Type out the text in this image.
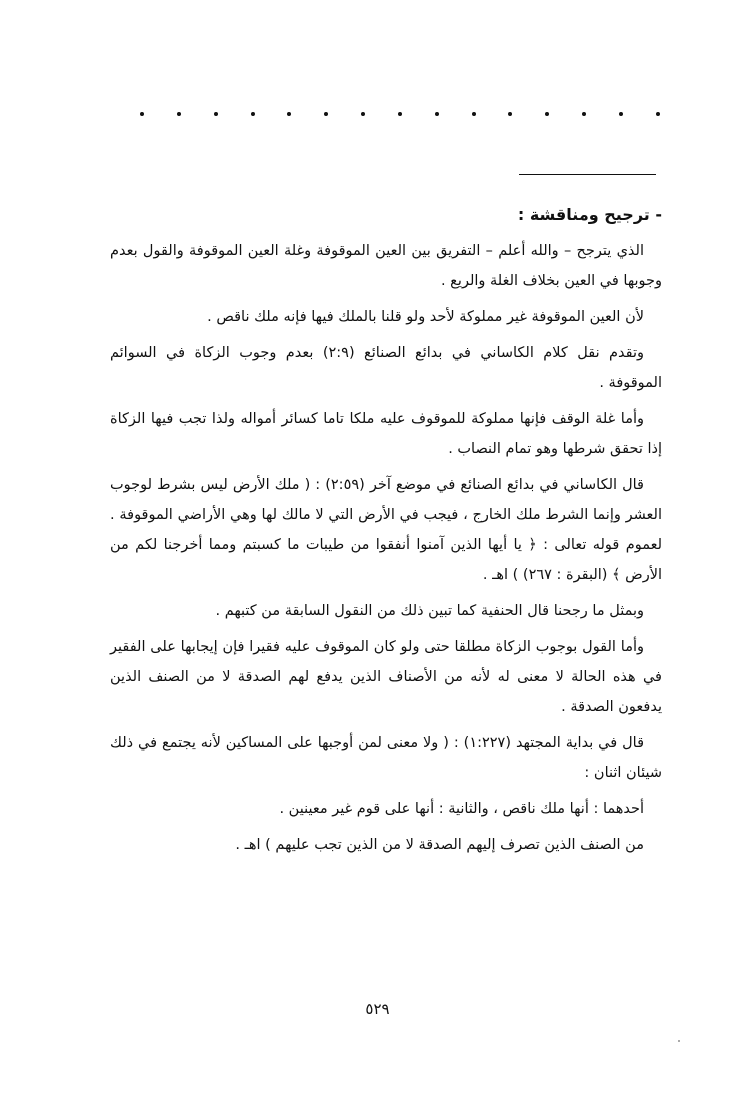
- ترجيح ومناقشة :

الذي يترجح – والله أعلم – التفريق بين العين الموقوفة وغلة العين الموقوفة والقول بعدم وجوبها في العين بخلاف الغلة والريع .

لأن العين الموقوفة غير مملوكة لأحد ولو قلنا بالملك فيها فإنه ملك ناقص .

وتقدم نقل كلام الكاساني في بدائع الصنائع (٢:٩) بعدم وجوب الزكاة في السوائم الموقوفة .

وأما غلة الوقف فإنها مملوكة للموقوف عليه ملكا تاما كسائر أمواله ولذا تجب فيها الزكاة إذا تحقق شرطها وهو تمام النصاب .

قال الكاساني في بدائع الصنائع في موضع آخر (٢:٥٩) : ( ملك الأرض ليس بشرط لوجوب العشر وإنما الشرط ملك الخارج ، فيجب في الأرض التي لا مالك لها وهي الأراضي الموقوفة . لعموم قوله تعالى : ﴿ يا أيها الذين آمنوا أنفقوا من طيبات ما كسبتم ومما أخرجنا لكم من الأرض ﴾ (البقرة : ٢٦٧) ) اهـ .

وبمثل ما رجحنا قال الحنفية كما تبين ذلك من النقول السابقة من كتبهم .

وأما القول بوجوب الزكاة مطلقا حتى ولو كان الموقوف عليه فقيرا فإن إيجابها على الفقير في هذه الحالة لا معنى له لأنه من الأصناف الذين يدفع لهم الصدقة لا من الصنف الذين يدفعون الصدقة .

قال في بداية المجتهد (١:٢٢٧) : ( ولا معنى لمن أوجبها على المساكين لأنه يجتمع في ذلك شيئان اثنان :

أحدهما : أنها ملك ناقص ، والثانية : أنها على قوم غير معينين .

من الصنف الذين تصرف إليهم الصدقة لا من الذين تجب عليهم ) اهـ .

٥٢٩
